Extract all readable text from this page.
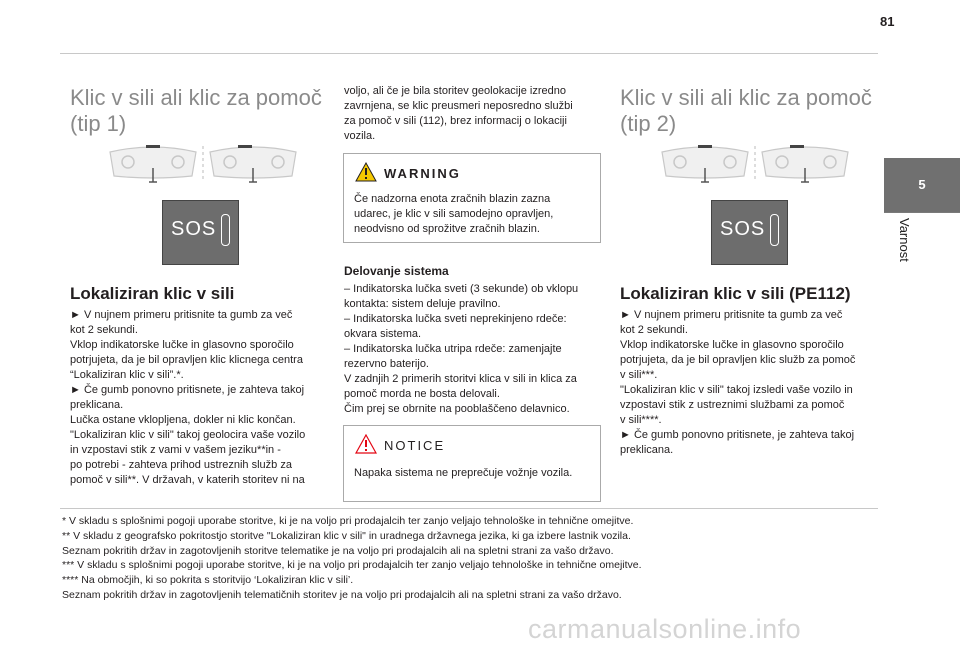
81
5
Varnost
Klic v sili ali klic za pomoč (tip 1)
SOS
Lokaliziran klic v sili
► V nujnem primeru pritisnite ta gumb za več
kot 2 sekundi.
Vklop indikatorske lučke in glasovno sporočilo
potrjujeta, da je bil opravljen klic klicnega centra
“Lokaliziran klic v sili”.*.
► Če gumb ponovno pritisnete, je zahteva takoj
preklicana.
Lučka ostane vklopljena, dokler ni klic končan.
"Lokaliziran klic v sili" takoj geolocira vaše vozilo
in vzpostavi stik z vami v vašem jeziku**in -
po potrebi - zahteva prihod ustreznih služb za
pomoč v sili**. V državah, v katerih storitev ni na
voljo, ali če je bila storitev geolokacije izredno
zavrnjena, se klic preusmeri neposredno službi
za pomoč v sili (112), brez informacij o lokaciji
vozila.
WARNING
Če nadzorna enota zračnih blazin zazna
udarec, je klic v sili samodejno opravljen,
neodvisno od sprožitve zračnih blazin.
Delovanje sistema
– Indikatorska lučka sveti (3 sekunde) ob vklopu
kontakta: sistem deluje pravilno.
– Indikatorska lučka sveti neprekinjeno rdeče:
okvara sistema.
– Indikatorska lučka utripa rdeče: zamenjajte
rezervno baterijo.
V zadnjih 2 primerih storitvi klica v sili in klica za
pomoč morda ne bosta delovali.
Čim prej se obrnite na pooblaščeno delavnico.
NOTICE
Napaka sistema ne preprečuje vožnje vozila.
Klic v sili ali klic za pomoč (tip 2)
SOS
Lokaliziran klic v sili (PE112)
► V nujnem primeru pritisnite ta gumb za več
kot 2 sekundi.
Vklop indikatorske lučke in glasovno sporočilo
potrjujeta, da je bil opravljen klic služb za pomoč
v sili***.
"Lokaliziran klic v sili" takoj izsledi vaše vozilo in
vzpostavi stik z ustreznimi službami za pomoč
v sili****.
► Če gumb ponovno pritisnete, je zahteva takoj
preklicana.
* V skladu s splošnimi pogoji uporabe storitve, ki je na voljo pri prodajalcih ter zanjo veljajo tehnološke in tehnične omejitve.
** V skladu z geografsko pokritostjo storitve "Lokaliziran klic v sili" in uradnega državnega jezika, ki ga izbere lastnik vozila.
Seznam pokritih držav in zagotovljenih storitve telematike je na voljo pri prodajalcih ali na spletni strani za vašo državo.
*** V skladu s splošnimi pogoji uporabe storitve, ki je na voljo pri prodajalcih ter zanjo veljajo tehnološke in tehnične omejitve.
**** Na območjih, ki so pokrita s storitvijo ‘Lokaliziran klic v sili’.
Seznam pokritih držav in zagotovljenih telematičnih storitev je na voljo pri prodajalcih ali na spletni strani za vašo državo.
carmanualsonline.info
